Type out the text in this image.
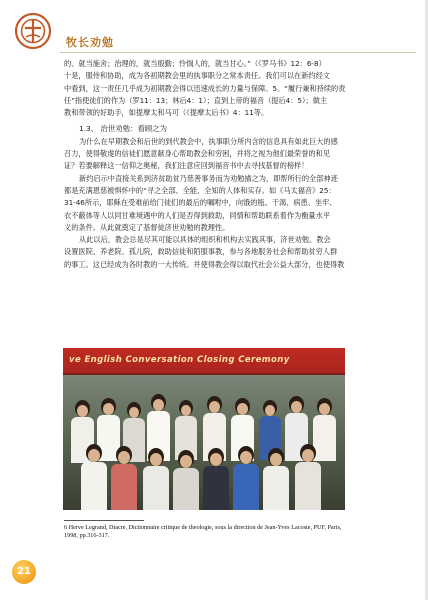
牧长劝勉

的、就当施舍；治理的，就当殷勤；怜悯人的，就当甘心。”（《罗马书》12：6-8）

十是，服侍和协助，成为各初期教会里的执事职分之常本责任。我们可以在新约经文

中看到，这一责任几乎成为初期教会得以迅速成长的力量与保障。5。“履行兼和持续的责

任”指使徒们的作为（罗11：13；林后4：1）；直到上帝的福音（提后4：5）；做主

教和带领的好助手，如提摩太和马可（《提摩太后书》4：11等。

1.3、 治世劝勉：看顾之为

为什么在早期教会和后世的到代教会中，执事职分所内含的信息具有如此巨大的感

召力，使得敬虔的信徒们愿意献身心帮助教会和穷困，并将之视为他们最荣誉的和见

证？若要解释这一信仰之奥秘，我们注意应回到福音书中去寻找基督的榜样！

新约启示中直接关系到济贫助贫乃慈善事务而为劝勉描之为，即帮所行的全部神迹

都是充满恩慈被惧怀中的“寻之全部、全能、全知的人体和实存。如《马太福音》25：

31-46所示，耶稣在受难前给门徒们的最后的嘱咐中，向饿的瓶、干渴、病患、坐牢、

衣不蔽体等人以同甘难境遇中的人们是否得到救助，同情和帮助联系着作为衡量水平

义的条件。从此就奠定了基督徒济世劝勉的教理性。

从此以后，教会总是尽其可能以具体的组织和机构去实践其事，济世劝勉。教会

设置医院、养老院、孤儿院，救助信徒和陌服事教，参与各地服务社会和帮助贫穷人群

的事工。这已经成为各时教的一大传统。并使得教会得以取代社会公益大部分，也使得教

ve English Conversation Closing Ceremony
6 Herve Legrand, Diacre, Dictionnaire critique de theologie, sous la direction de Jean-Yves Lacoste, PUF, Paris,
1998, pp.316-317.
21
